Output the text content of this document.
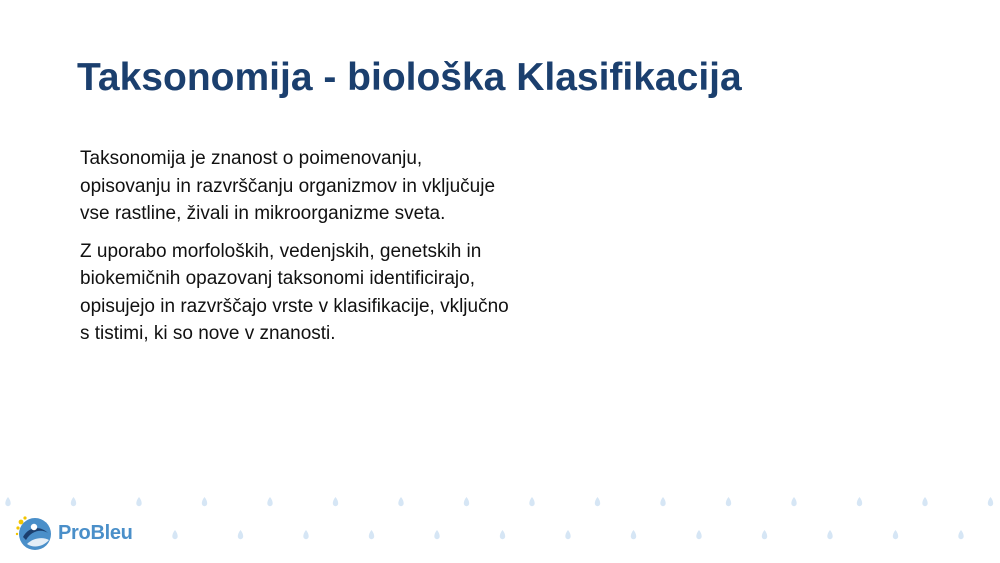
Taksonomija - biološka Klasifikacija

Taksonomija je znanost o poimenovanju, opisovanju in razvrščanju organizmov in vključuje vse rastline, živali in mikroorganizme sveta.

Z uporabo morfoloških, vedenjskih, genetskih in biokemičnih opazovanj taksonomi identificirajo, opisujejo in razvrščajo vrste v klasifikacije, vključno s tistimi, ki so nove v znanosti.

ProBleu
